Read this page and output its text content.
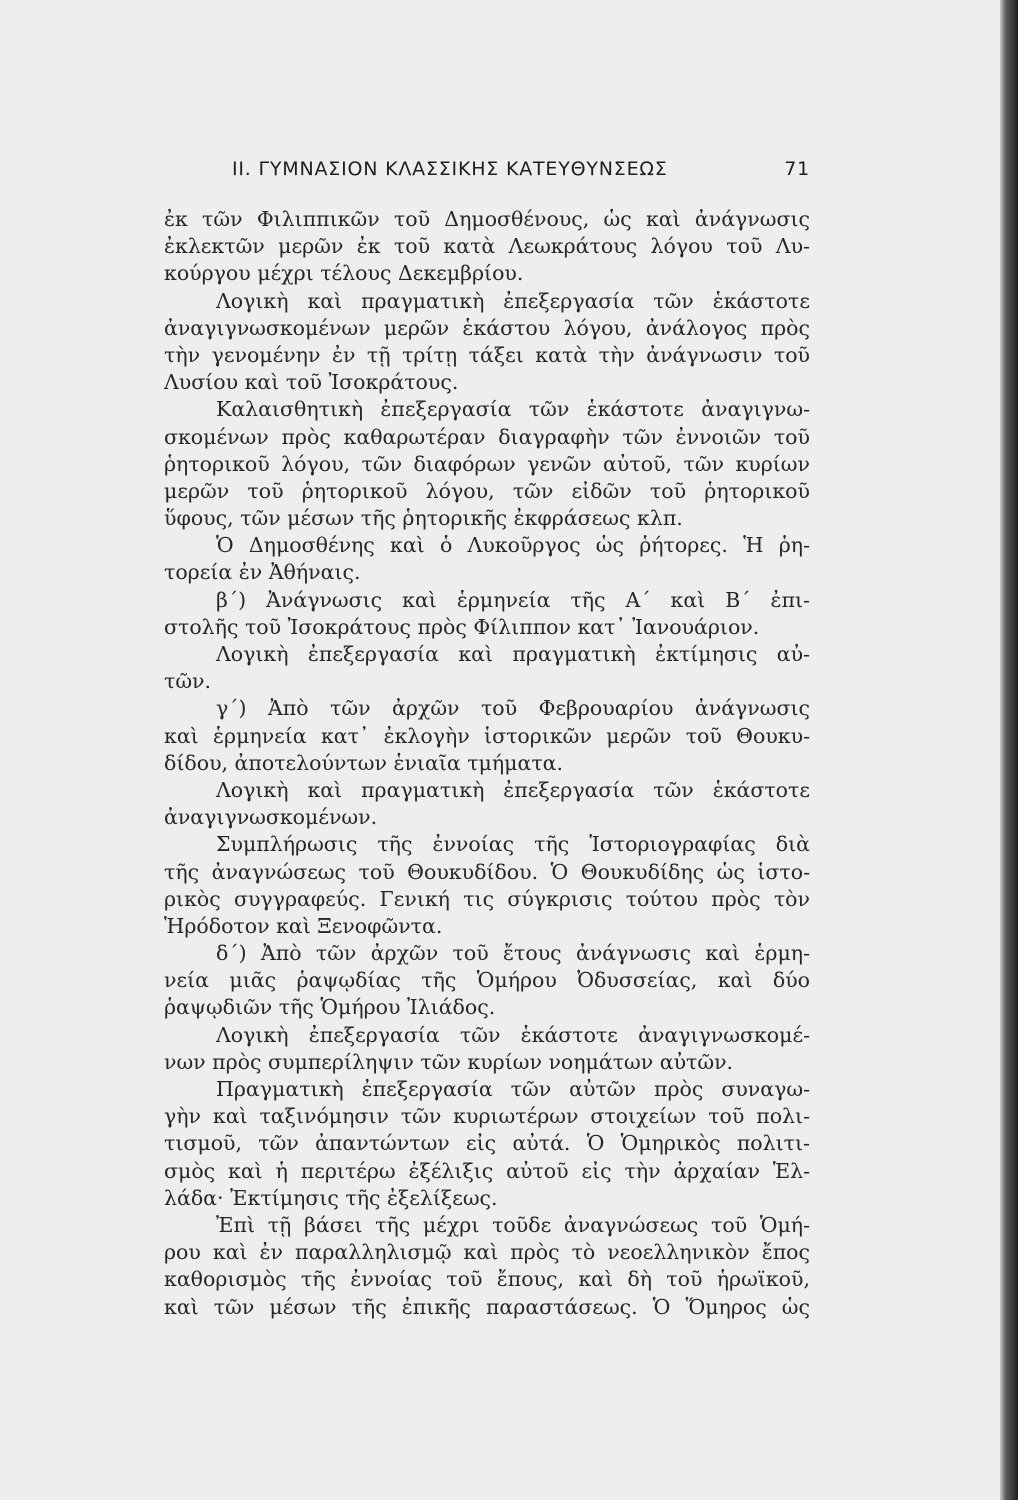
ΙΙ. ΓΥΜΝΑΣΙΟΝ ΚΛΑΣΣΙΚΗΣ ΚΑΤΕΥΘΥΝΣΕΩΣ	71
ἐκ τῶν Φιλιππικῶν τοῦ Δημοσθένους, ὡς καὶ ἀνάγνωσις
ἐκλεκτῶν μερῶν ἐκ τοῦ κατὰ Λεωκράτους λόγου τοῦ Λυ-
κούργου μέχρι τέλους Δεκεμβρίου.
Λογικὴ καὶ πραγματικὴ ἐπεξεργασία τῶν ἑκάστοτε
ἀναγιγνωσκομένων μερῶν ἑκάστου λόγου, ἀνάλογος πρὸς
τὴν γενομένην ἐν τῇ τρίτῃ τάξει κατὰ τὴν ἀνάγνωσιν τοῦ
Λυσίου καὶ τοῦ Ἰσοκράτους.
Καλαισθητικὴ ἐπεξεργασία τῶν ἑκάστοτε ἀναγιγνω-
σκομένων πρὸς καθαρωτέραν διαγραφὴν τῶν ἐννοιῶν τοῦ
ῥητορικοῦ λόγου, τῶν διαφόρων γενῶν αὐτοῦ, τῶν κυρίων
μερῶν τοῦ ῥητορικοῦ λόγου, τῶν εἰδῶν τοῦ ῥητορικοῦ
ὕφους, τῶν μέσων τῆς ῥητορικῆς ἐκφράσεως κλπ.
Ὁ Δημοσθένης καὶ ὁ Λυκοῦργος ὡς ῥήτορες. Ἡ ῥη-
τορεία ἐν Ἀθήναις.
β´) Ἀνάγνωσις καὶ ἑρμηνεία τῆς Α´ καὶ Β´ ἐπι-
στολῆς τοῦ Ἰσοκράτους πρὸς Φίλιππον κατ᾽ Ἰανουάριον.
Λογικὴ ἐπεξεργασία καὶ πραγματικὴ ἐκτίμησις αὐ-
τῶν.
γ´) Ἀπὸ τῶν ἀρχῶν τοῦ Φεβρουαρίου ἀνάγνωσις
καὶ ἑρμηνεία κατ᾽ ἐκλογὴν ἱστορικῶν μερῶν τοῦ Θουκυ-
δίδου, ἀποτελούντων ἑνιαῖα τμήματα.
Λογικὴ καὶ πραγματικὴ ἐπεξεργασία τῶν ἑκάστοτε
ἀναγιγνωσκομένων.
Συμπλήρωσις τῆς ἐννοίας τῆς Ἱστοριογραφίας διὰ
τῆς ἀναγνώσεως τοῦ Θουκυδίδου. Ὁ Θουκυδίδης ὡς ἱστο-
ρικὸς συγγραφεύς. Γενική τις σύγκρισις τούτου πρὸς τὸν
Ἡρόδοτον καὶ Ξενοφῶντα.
δ´) Ἀπὸ τῶν ἀρχῶν τοῦ ἔτους ἀνάγνωσις καὶ ἑρμη-
νεία μιᾶς ῥαψῳδίας τῆς Ὁμήρου Ὀδυσσείας, καὶ δύο
ῥαψῳδιῶν τῆς Ὁμήρου Ἰλιάδος.
Λογικὴ ἐπεξεργασία τῶν ἑκάστοτε ἀναγιγνωσκομέ-
νων πρὸς συμπερίληψιν τῶν κυρίων νοημάτων αὐτῶν.
Πραγματικὴ ἐπεξεργασία τῶν αὐτῶν πρὸς συναγω-
γὴν καὶ ταξινόμησιν τῶν κυριωτέρων στοιχείων τοῦ πολι-
τισμοῦ, τῶν ἀπαντώντων εἰς αὐτά. Ὁ Ὁμηρικὸς πολιτι-
σμὸς καὶ ἡ περιτέρω ἐξέλιξις αὐτοῦ εἰς τὴν ἀρχαίαν Ἑλ-
λάδα· Ἐκτίμησις τῆς ἐξελίξεως.
Ἐπὶ τῇ βάσει τῆς μέχρι τοῦδε ἀναγνώσεως τοῦ Ὁμή-
ρου καὶ ἐν παραλληλισμῷ καὶ πρὸς τὸ νεοελληνικὸν ἔπος
καθορισμὸς τῆς ἐννοίας τοῦ ἔπους, καὶ δὴ τοῦ ἡρωϊκοῦ,
καὶ τῶν μέσων τῆς ἐπικῆς παραστάσεως. Ὁ Ὅμηρος ὡς
